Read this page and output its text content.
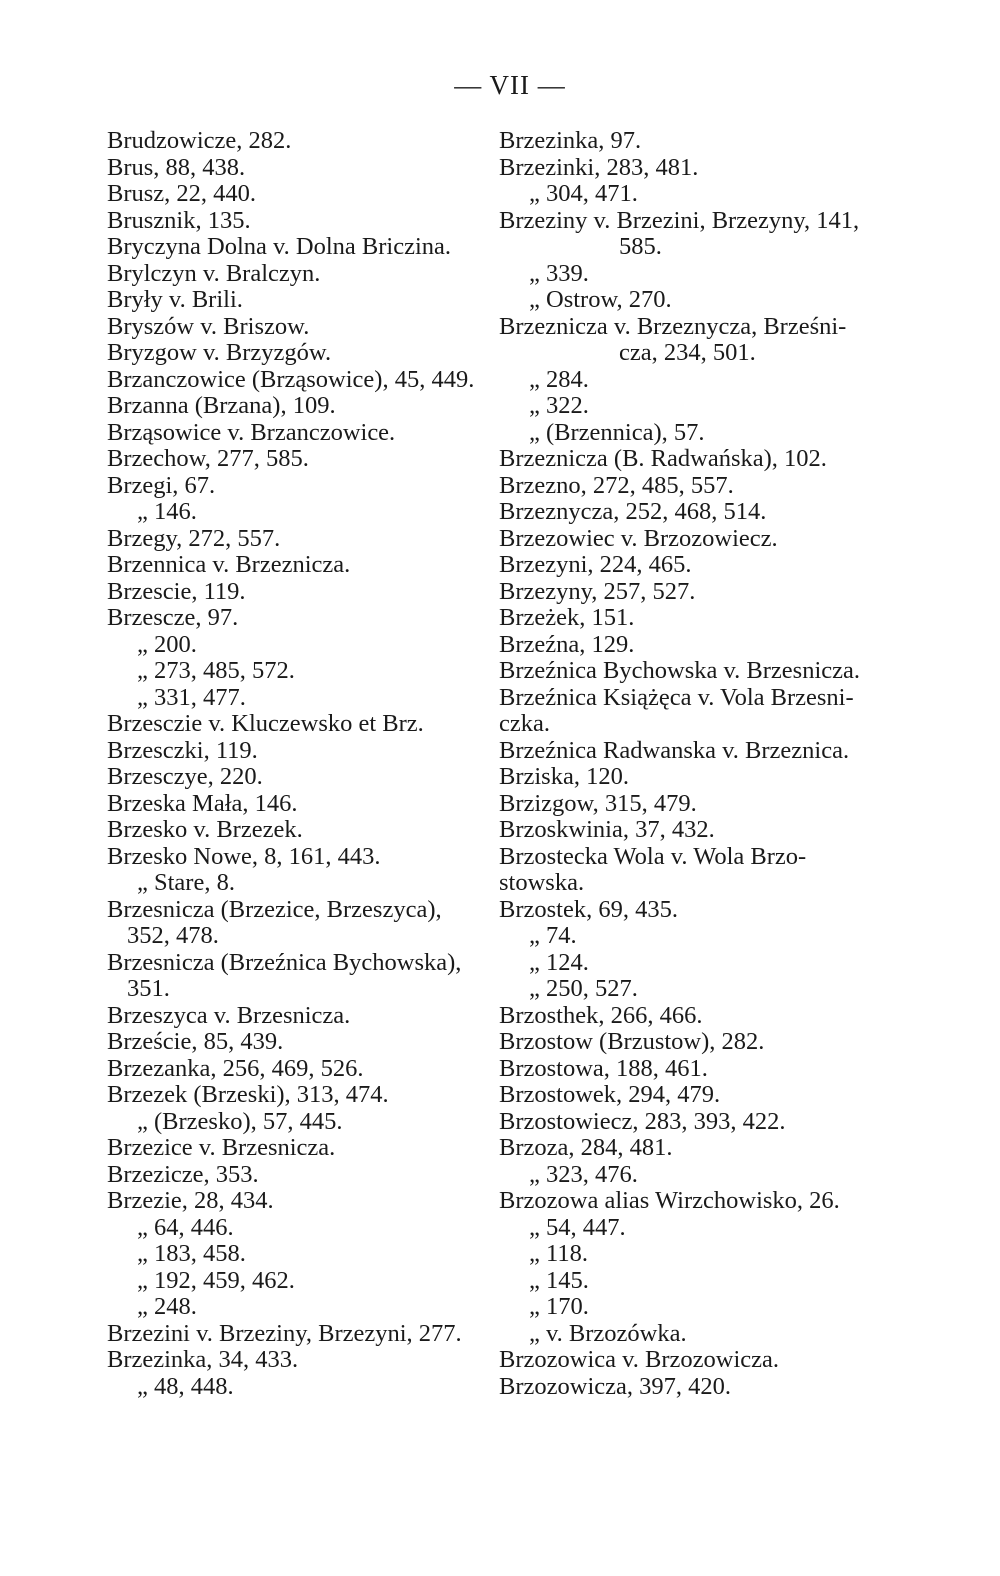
— VII —
Brudzowicze, 282.
Brus, 88, 438.
Brusz, 22, 440.
Brusznik, 135.
Bryczyna Dolna v. Dolna Briczina.
Brylczyn v. Bralczyn.
Bryły v. Brili.
Bryszów v. Briszow.
Bryzgow v. Brzyzgów.
Brzanczowice (Brząsowice), 45, 449.
Brzanna (Brzana), 109.
Brząsowice v. Brzanczowice.
Brzechow, 277, 585.
Brzegi, 67.
„ 146.
Brzegy, 272, 557.
Brzennica v. Brzeznicza.
Brzescie, 119.
Brzescze, 97.
„ 200.
„ 273, 485, 572.
„ 331, 477.
Brzesczie v. Kluczewsko et Brz.
Brzesczki, 119.
Brzesczye, 220.
Brzeska Mała, 146.
Brzesko v. Brzezek.
Brzesko Nowe, 8, 161, 443.
„ Stare, 8.
Brzesnicza (Brzezice, Brzeszyca),
352, 478.
Brzesnicza (Brzeźnica Bychowska),
351.
Brzeszyca v. Brzesnicza.
Brzeście, 85, 439.
Brzezanka, 256, 469, 526.
Brzezek (Brzeski), 313, 474.
„ (Brzesko), 57, 445.
Brzezice v. Brzesnicza.
Brzezicze, 353.
Brzezie, 28, 434.
„ 64, 446.
„ 183, 458.
„ 192, 459, 462.
„ 248.
Brzezini v. Brzeziny, Brzezyni, 277.
Brzezinka, 34, 433.
„ 48, 448.
Brzezinka, 97.
Brzezinki, 283, 481.
„ 304, 471.
Brzeziny v. Brzezini, Brzezyny, 141,
585.
„ 339.
„ Ostrow, 270.
Brzeznicza v. Brzeznycza, Brześni-
cza, 234, 501.
„ 284.
„ 322.
„ (Brzennica), 57.
Brzeznicza (B. Radwańska), 102.
Brzezno, 272, 485, 557.
Brzeznycza, 252, 468, 514.
Brzezowiec v. Brzozowiecz.
Brzezyni, 224, 465.
Brzezyny, 257, 527.
Brzeżek, 151.
Brzeźna, 129.
Brzeźnica Bychowska v. Brzesnicza.
Brzeźnica Książęca v. Vola Brzesni-
czka.
Brzeźnica Radwanska v. Brzeznica.
Brziska, 120.
Brzizgow, 315, 479.
Brzoskwinia, 37, 432.
Brzostecka Wola v. Wola Brzo-
stowska.
Brzostek, 69, 435.
„ 74.
„ 124.
„ 250, 527.
Brzosthek, 266, 466.
Brzostow (Brzustow), 282.
Brzostowa, 188, 461.
Brzostowek, 294, 479.
Brzostowiecz, 283, 393, 422.
Brzoza, 284, 481.
„ 323, 476.
Brzozowa alias Wirzchowisko, 26.
„ 54, 447.
„ 118.
„ 145.
„ 170.
„ v. Brzozówka.
Brzozowica v. Brzozowicza.
Brzozowicza, 397, 420.
